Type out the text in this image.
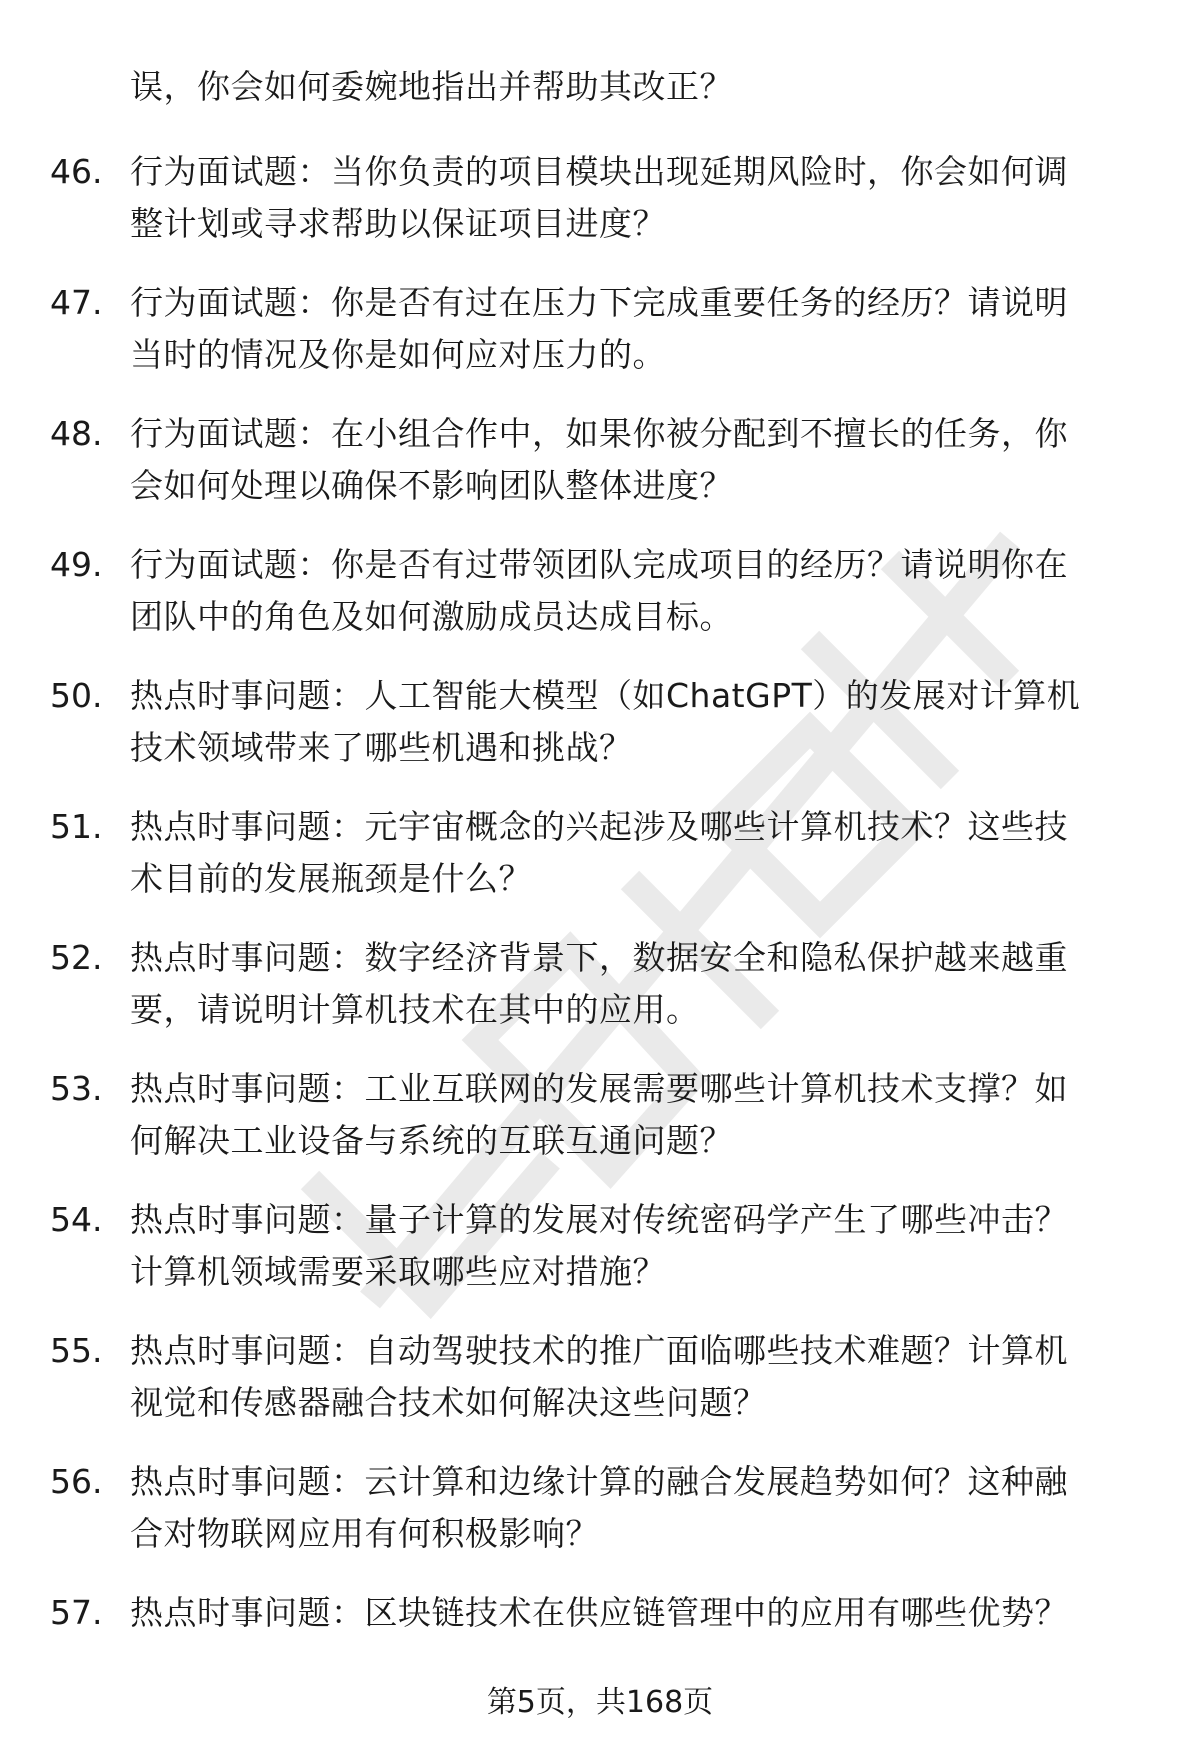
误，你会如何委婉地指出并帮助其改正？
46. 行为面试题：当你负责的项目模块出现延期风险时，你会如何调
整计划或寻求帮助以保证项目进度？
47. 行为面试题：你是否有过在压力下完成重要任务的经历？请说明
当时的情况及你是如何应对压力的。
48. 行为面试题：在小组合作中，如果你被分配到不擅长的任务，你
会如何处理以确保不影响团队整体进度？
49. 行为面试题：你是否有过带领团队完成项目的经历？请说明你在
团队中的角色及如何激励成员达成目标。
50. 热点时事问题：人工智能大模型（如ChatGPT）的发展对计算机
技术领域带来了哪些机遇和挑战？
51. 热点时事问题：元宇宙概念的兴起涉及哪些计算机技术？这些技
术目前的发展瓶颈是什么？
52. 热点时事问题：数字经济背景下，数据安全和隐私保护越来越重
要，请说明计算机技术在其中的应用。
53. 热点时事问题：工业互联网的发展需要哪些计算机技术支撑？如
何解决工业设备与系统的互联互通问题？
54. 热点时事问题：量子计算的发展对传统密码学产生了哪些冲击？
计算机领域需要采取哪些应对措施？
55. 热点时事问题：自动驾驶技术的推广面临哪些技术难题？计算机
视觉和传感器融合技术如何解决这些问题？
56. 热点时事问题：云计算和边缘计算的融合发展趋势如何？这种融
合对物联网应用有何积极影响？
57. 热点时事问题：区块链技术在供应链管理中的应用有哪些优势？
第5页，共168页
